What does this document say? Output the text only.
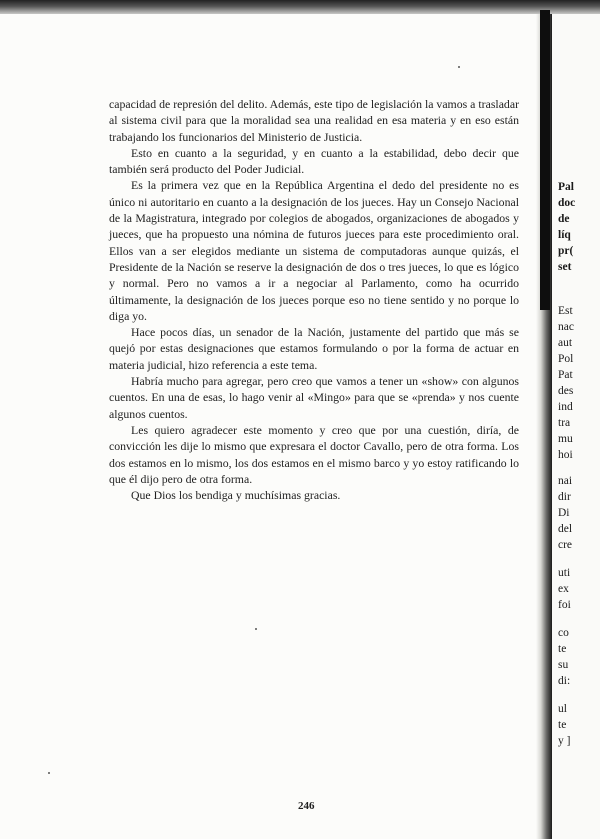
capacidad de represión del delito. Además, este tipo de legislación la vamos a trasladar al sistema civil para que la moralidad sea una realidad en esa materia y en eso están trabajando los funcionarios del Ministerio de Justicia.

Esto en cuanto a la seguridad, y en cuanto a la estabilidad, debo decir que también será producto del Poder Judicial.

Es la primera vez que en la República Argentina el dedo del presidente no es único ni autoritario en cuanto a la designación de los jueces. Hay un Consejo Nacional de la Magistratura, integrado por colegios de abogados, organizaciones de abogados y jueces, que ha propuesto una nómina de futuros jueces para este procedimiento oral. Ellos van a ser elegidos mediante un sistema de computadoras aunque quizás, el Presidente de la Nación se reserve la designación de dos o tres jueces, lo que es lógico y normal. Pero no vamos a ir a negociar al Parlamento, como ha ocurrido últimamente, la designación de los jueces porque eso no tiene sentido y no porque lo diga yo.

Hace pocos días, un senador de la Nación, justamente del partido que más se quejó por estas designaciones que estamos formulando o por la forma de actuar en materia judicial, hizo referencia a este tema.

Habría mucho para agregar, pero creo que vamos a tener un «show» con algunos cuentos. En una de esas, lo hago venir al «Mingo» para que se «prenda» y nos cuente algunos cuentos.

Les quiero agradecer este momento y creo que por una cuestión, diría, de convicción les dije lo mismo que expresara el doctor Cavallo, pero de otra forma. Los dos estamos en lo mismo, los dos estamos en el mismo barco y yo estoy ratificando lo que él dijo pero de otra forma.

Que Dios los bendiga y muchísimas gracias.

246
Pal
doc
de
líq
pr(
set
Est
nac
aut
Pol
Pat
des
ind
tra
mu
hoi
nai
dir
Di
del
cre
uti
ex
foi
co
te
su
di:
ul
te
y ]
